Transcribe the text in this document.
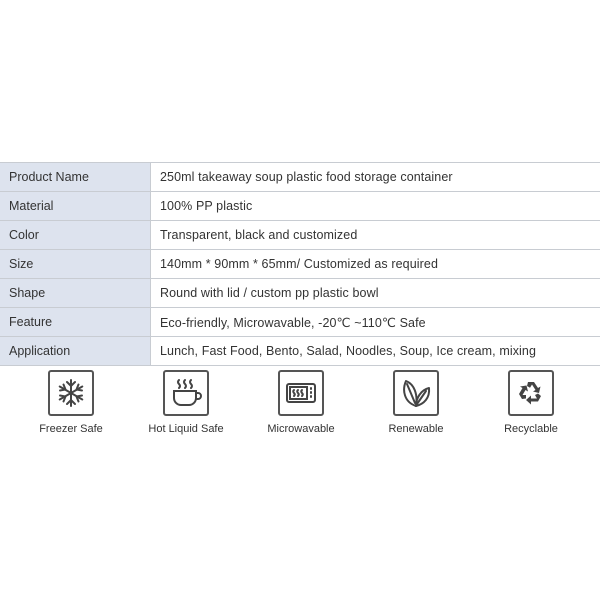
Product Name	250ml takeaway soup plastic food storage container
Material	100% PP plastic
Color	Transparent, black and customized
Size	140mm * 90mm * 65mm/ Customized as required
Shape	Round with lid / custom pp plastic bowl
Feature	Eco-friendly, Microwavable, -20℃ ~110℃ Safe
Application	Lunch, Fast Food, Bento, Salad, Noodles, Soup, Ice cream, mixing
Freezer Safe	Hot Liquid Safe	Microwavable	Renewable	Recyclable
